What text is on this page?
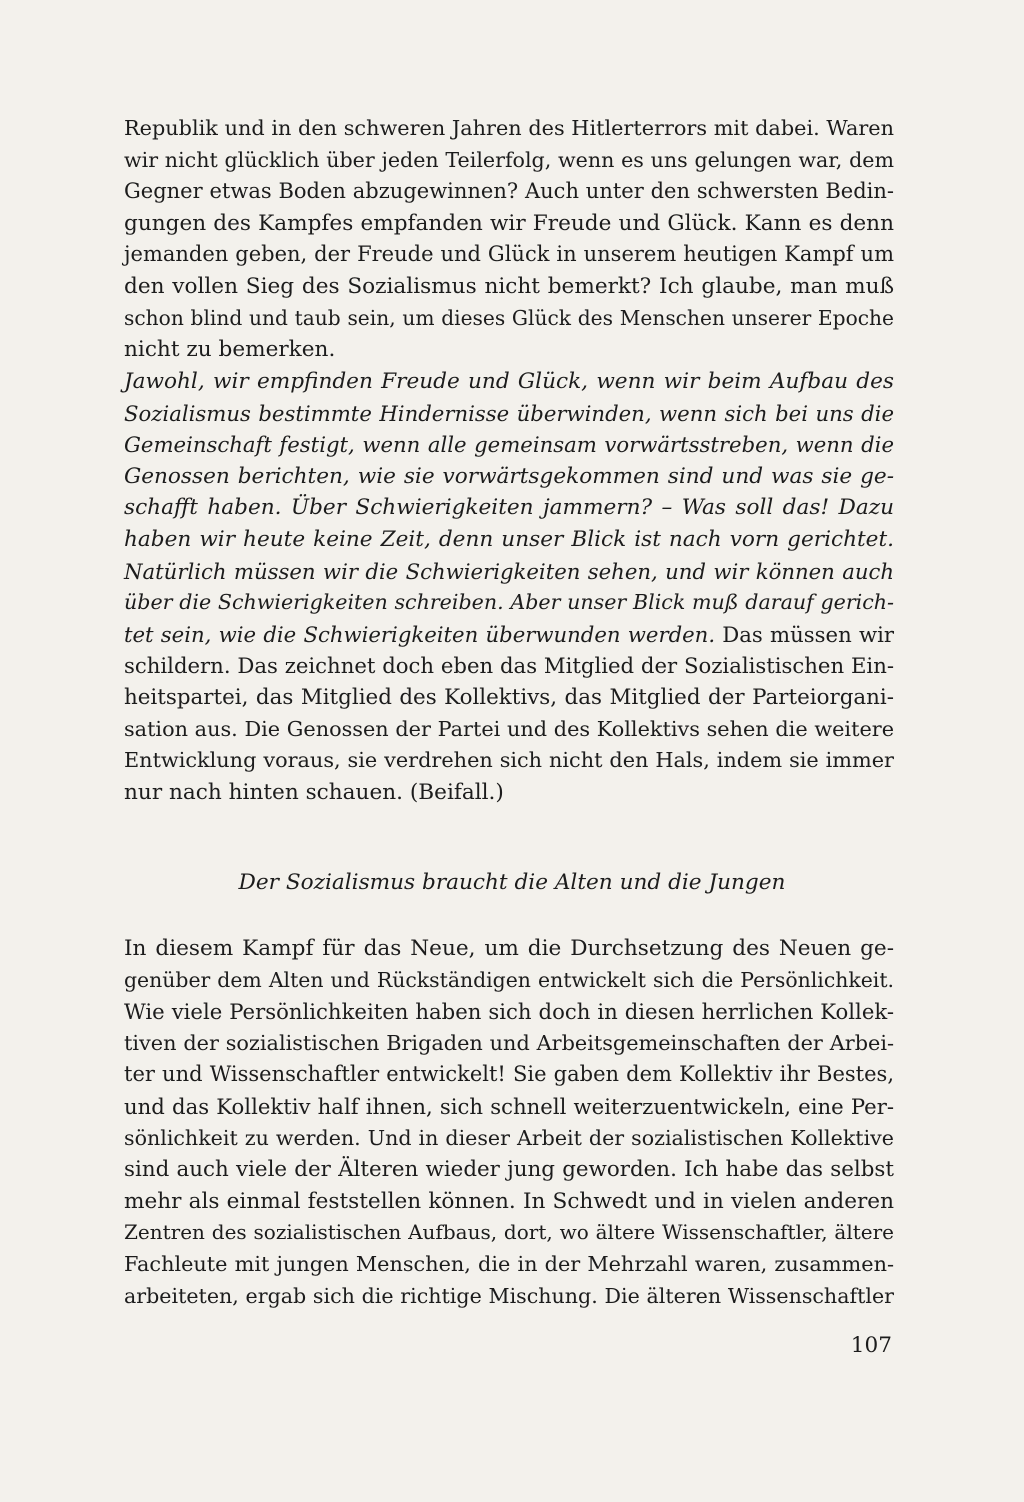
Republik und in den schweren Jahren des Hitlerterrors mit dabei. Waren
wir nicht glücklich über jeden Teilerfolg, wenn es uns gelungen war, dem
Gegner etwas Boden abzugewinnen? Auch unter den schwersten Bedin-
gungen des Kampfes empfanden wir Freude und Glück. Kann es denn
jemanden geben, der Freude und Glück in unserem heutigen Kampf um
den vollen Sieg des Sozialismus nicht bemerkt? Ich glaube, man muß
schon blind und taub sein, um dieses Glück des Menschen unserer Epoche
nicht zu bemerken.
Jawohl, wir empfinden Freude und Glück, wenn wir beim Aufbau des
Sozialismus bestimmte Hindernisse überwinden, wenn sich bei uns die
Gemeinschaft festigt, wenn alle gemeinsam vorwärtsstreben, wenn die
Genossen berichten, wie sie vorwärtsgekommen sind und was sie ge-
schafft haben. Über Schwierigkeiten jammern? – Was soll das! Dazu
haben wir heute keine Zeit, denn unser Blick ist nach vorn gerichtet.
Natürlich müssen wir die Schwierigkeiten sehen, und wir können auch
über die Schwierigkeiten schreiben. Aber unser Blick muß darauf gerich-
tet sein, wie die Schwierigkeiten überwunden werden. Das müssen wir
schildern. Das zeichnet doch eben das Mitglied der Sozialistischen Ein-
heitspartei, das Mitglied des Kollektivs, das Mitglied der Parteiorgani-
sation aus. Die Genossen der Partei und des Kollektivs sehen die weitere
Entwicklung voraus, sie verdrehen sich nicht den Hals, indem sie immer
nur nach hinten schauen. (Beifall.)
Der Sozialismus braucht die Alten und die Jungen
In diesem Kampf für das Neue, um die Durchsetzung des Neuen ge-
genüber dem Alten und Rückständigen entwickelt sich die Persönlichkeit.
Wie viele Persönlichkeiten haben sich doch in diesen herrlichen Kollek-
tiven der sozialistischen Brigaden und Arbeitsgemeinschaften der Arbei-
ter und Wissenschaftler entwickelt! Sie gaben dem Kollektiv ihr Bestes,
und das Kollektiv half ihnen, sich schnell weiterzuentwickeln, eine Per-
sönlichkeit zu werden. Und in dieser Arbeit der sozialistischen Kollektive
sind auch viele der Älteren wieder jung geworden. Ich habe das selbst
mehr als einmal feststellen können. In Schwedt und in vielen anderen
Zentren des sozialistischen Aufbaus, dort, wo ältere Wissenschaftler, ältere
Fachleute mit jungen Menschen, die in der Mehrzahl waren, zusammen-
arbeiteten, ergab sich die richtige Mischung. Die älteren Wissenschaftler
107
